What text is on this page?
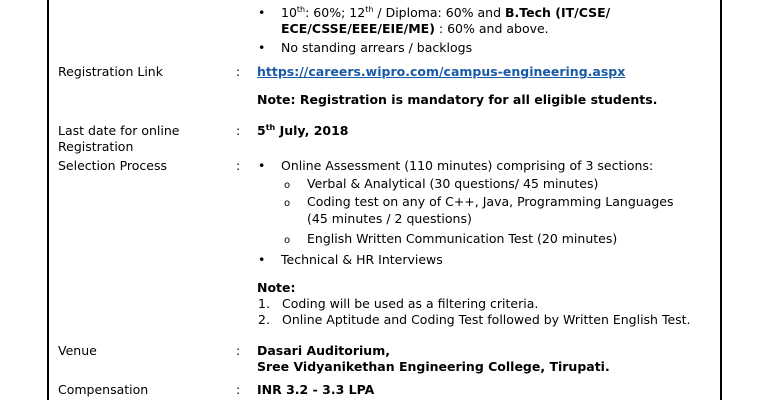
• 10th: 60%; 12th / Diploma: 60% and B.Tech (IT/CSE/
ECE/CSSE/EEE/EIE/ME) : 60% and above.
• No standing arrears / backlogs
Registration Link	: https://careers.wipro.com/campus-engineering.aspx
Note: Registration is mandatory for all eligible students.
Last date for online
Registration
: 5th July, 2018
Selection Process	: • Online Assessment (110 minutes) comprising of 3 sections:
o Verbal & Analytical (30 questions/ 45 minutes)
o Coding test on any of C++, Java, Programming Languages
(45 minutes / 2 questions)
o English Written Communication Test (20 minutes)
• Technical & HR Interviews
Note:
1. Coding will be used as a filtering criteria.
2. Online Aptitude and Coding Test followed by Written English Test.
Venue	: Dasari Auditorium,
Sree Vidyanikethan Engineering College, Tirupati.
Compensation	: INR 3.2 - 3.3 LPA
